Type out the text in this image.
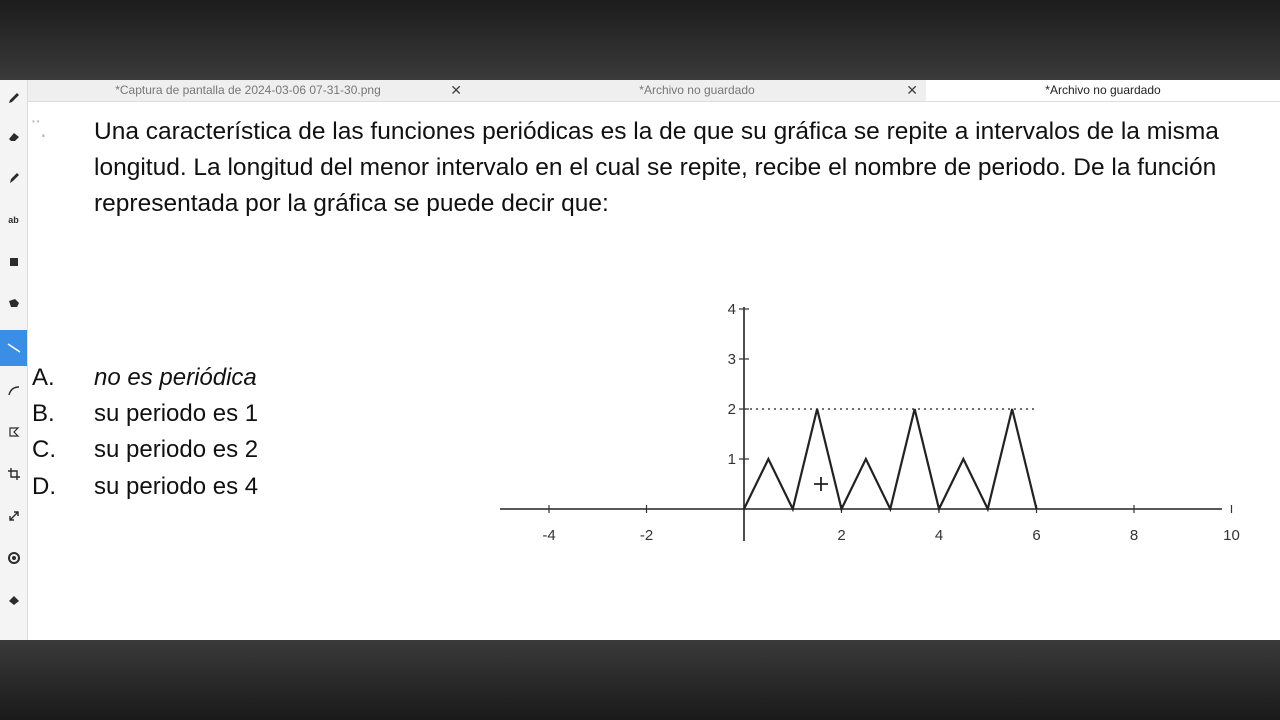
ab
*Captura de pantalla de 2024-03-06 07-31-30.png	✕	*Archivo no guardado	✕	*Archivo no guardado
¨. Una característica de las funciones periódicas es la de que su gráfica se repite a intervalos de la misma longitud. La longitud del menor intervalo en el cual se repite, recibe el nombre de periodo. De la función representada por la gráfica se puede decir que:
A. no es periódica
B. su periodo es 1
C. su periodo es 2
D. su periodo es 4
-4	-2	2	4	6	8	10
1
2
3
4
